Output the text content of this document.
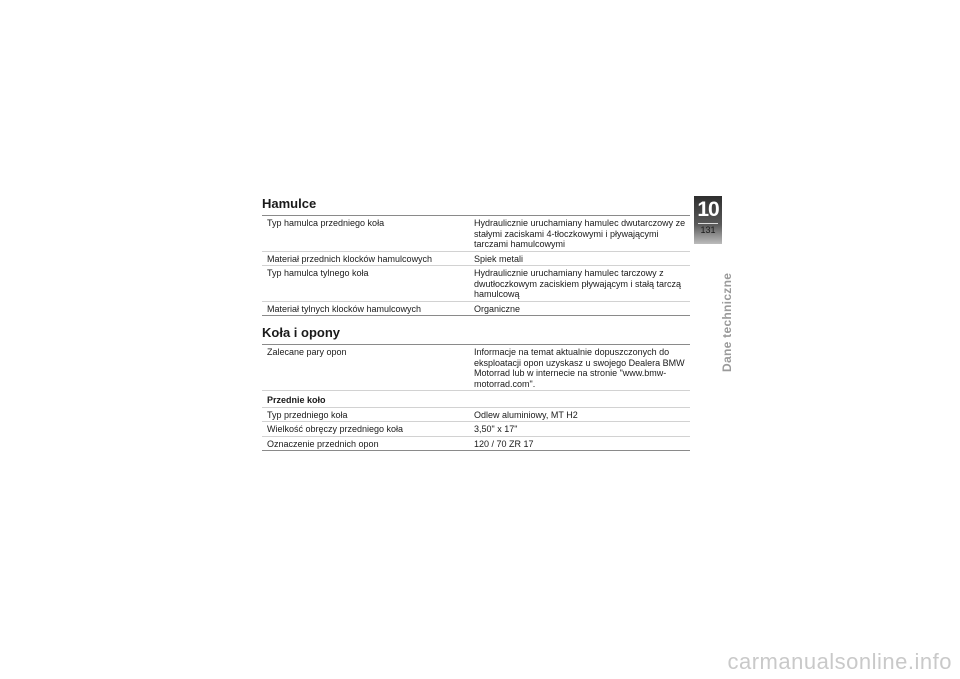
Hamulce
Typ hamulca przedniego koła	Hydraulicznie uruchamiany hamulec dwutarczowy ze stałymi zaciskami 4-tłoczkowymi i pływającymi tarczami hamulcowymi
Materiał przednich klocków hamulcowych	Spiek metali
Typ hamulca tylnego koła	Hydraulicznie uruchamiany hamulec tarczowy z dwutłoczkowym zaciskiem pływającym i stałą tarczą hamulcową
Materiał tylnych klocków hamulcowych	Organiczne
Koła i opony
Zalecane pary opon	Informacje na temat aktualnie dopuszczonych do eksploatacji opon uzyskasz u swojego Dealera BMW Motorrad lub w internecie na stronie "www.bmw-motorrad.com".
Przednie koło	
Typ przedniego koła	Odlew aluminiowy, MT H2
Wielkość obręczy przedniego koła	3,50" x 17"
Oznaczenie przednich opon	120 / 70 ZR 17
10
131
Dane techniczne
carmanualsonline.info
